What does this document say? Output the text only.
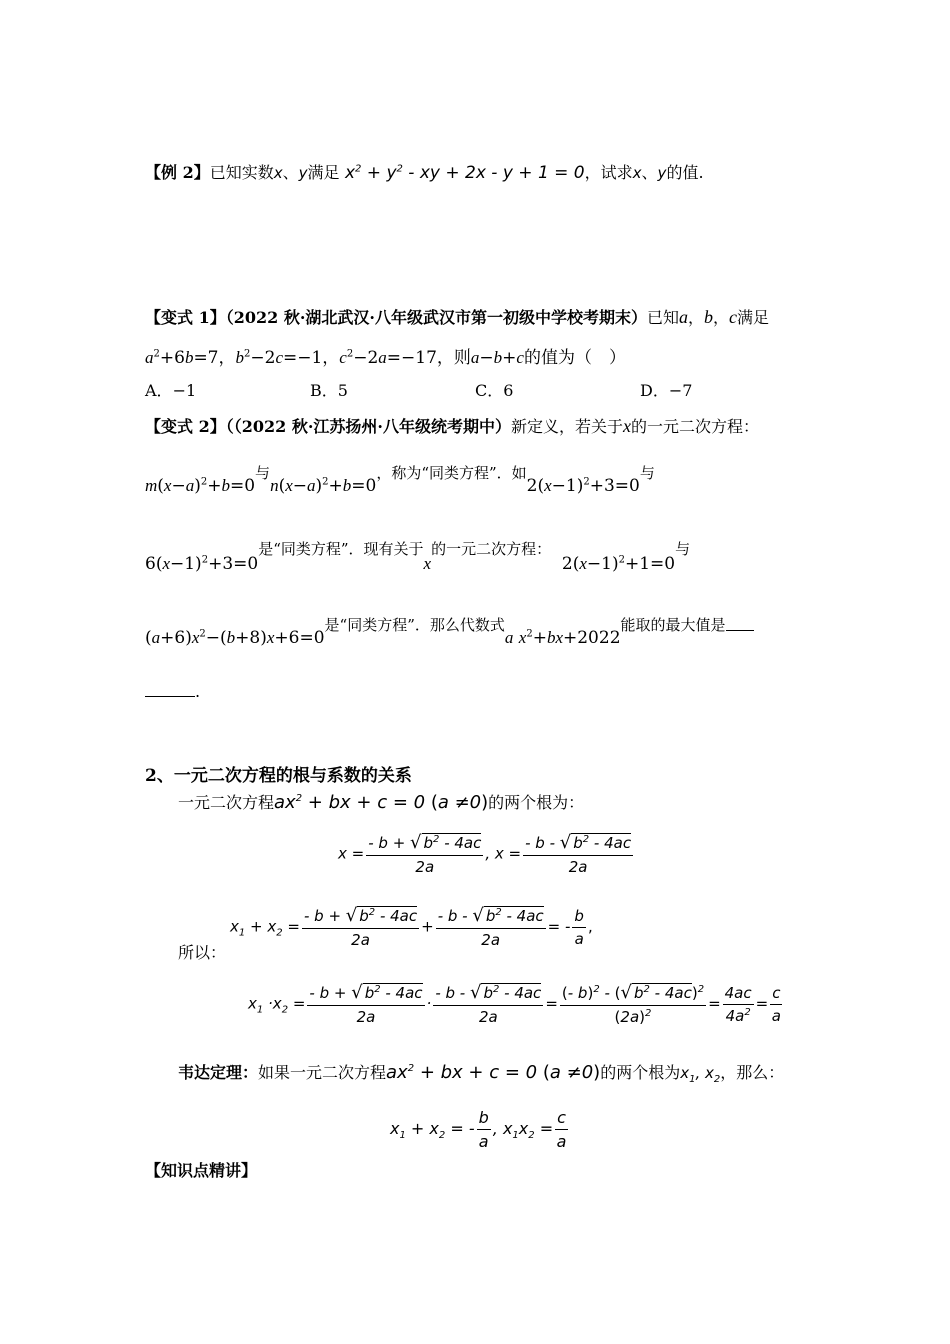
【例 2】已知实数x、y满足 $x^2 + y^2$ - xy + 2x - y + 1 = 0，试求x、y的值.
【变式 1】（2022 秋·湖北武汉·八年级武汉市第一初级中学校考期末）已知a，b，c满足
$a^2+6b=7$，$b^2-2c=-1$，$c^2-2a=-17$，则a−b+c的值为（　）
A．−1	B．5	C．6	D．−7
【变式 2】（（2022 秋·江苏扬州·八年级统考期中）新定义，若关于x的一元二次方程：
$m(x-a)^2+b=0$与$n(x-a)^2+b=0$，称为“同类方程”．如$2(x-1)^2+3=0$与
$6(x-1)^2+3=0$是“同类方程”．现有关于x的一元二次方程：  $2(x-1)^2+1=0$与
$(a+6)x^2-(b+8)x+6=0$是“同类方程”．那么代数式a $x^2+bx+2022$能取的最大值是
.
2、一元二次方程的根与系数的关系
一元二次方程$ax^2$ + bx + c = 0 (a ≠0)的两个根为：
$x = \frac{- b + √ b^2 - 4ac}{2a}$ , $x = \frac{- b - √ b^2 - 4ac}{2a}$
所以：
$x_1 + x_2 = \frac{- b + √ b^2 - 4ac}{2a} + \frac{- b - √ b^2 - 4ac}{2a}$ = - $\frac{b}{a}$ ,
$x_1 \cdot x_2 = \frac{- b + √ b^2 - 4ac}{2a} \cdot \frac{- b - √ b^2 - 4ac}{2a} = \frac{(- b)^2 - (√ b^2 - 4ac)^2}{(2a)^2} = \frac{4ac}{4a^2} = \frac{c}{a}$
韦达定理：如果一元二次方程$ax^2$ + bx + c = 0 (a ≠0)的两个根为$x_1$, $x_2$，那么：
$x_1 + x_2$ = - $\frac{b}{a}$ , $x_1x_2 = \frac{c}{a}$
【知识点精讲】
